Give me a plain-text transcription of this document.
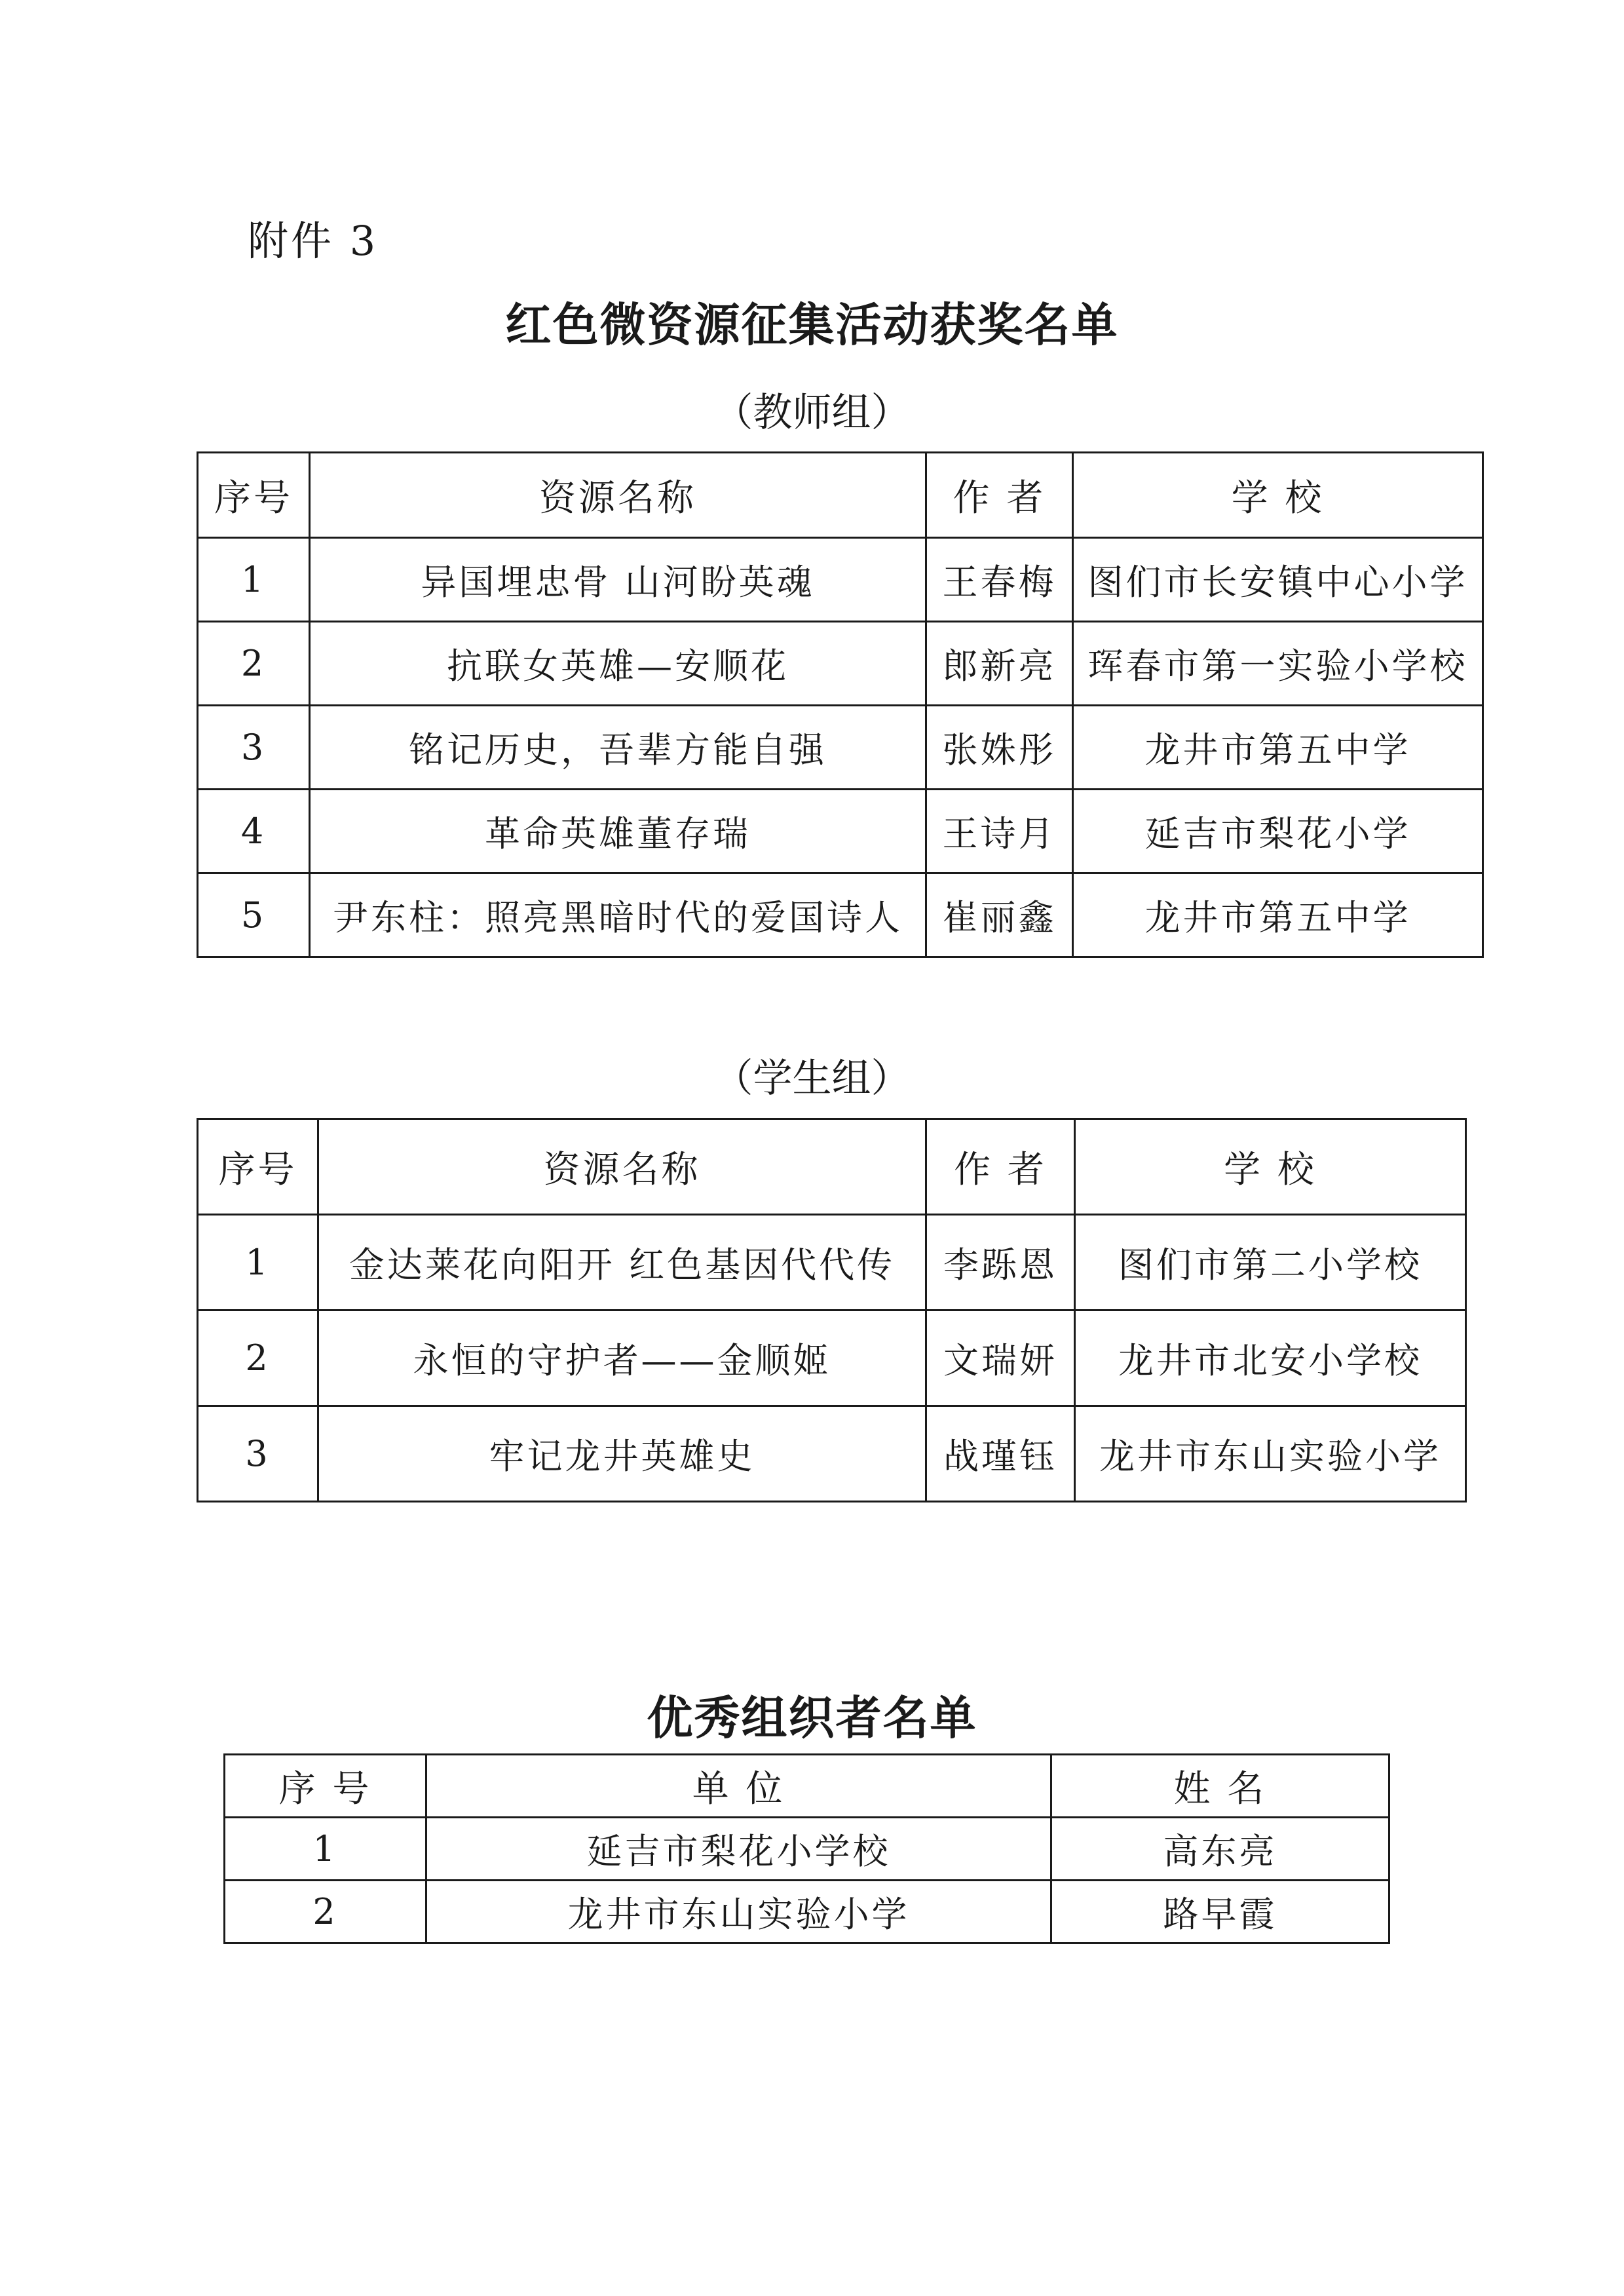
附件 3
红色微资源征集活动获奖名单
（教师组）
序号	资源名称	作 者	学 校
1	异国埋忠骨 山河盼英魂	王春梅	图们市长安镇中心小学
2	抗联女英雄—安顺花	郎新亮	珲春市第一实验小学校
3	铭记历史，吾辈方能自强	张姝彤	龙井市第五中学
4	革命英雄董存瑞	王诗月	延吉市梨花小学
5	尹东柱：照亮黑暗时代的爱国诗人	崔丽鑫	龙井市第五中学
（学生组）
序号	资源名称	作 者	学 校
1	金达莱花向阳开 红色基因代代传	李跞恩	图们市第二小学校
2	永恒的守护者——金顺姬	文瑞妍	龙井市北安小学校
3	牢记龙井英雄史	战瑾钰	龙井市东山实验小学
优秀组织者名单
序 号	单 位	姓 名
1	延吉市梨花小学校	高东亮
2	龙井市东山实验小学	路早霞
